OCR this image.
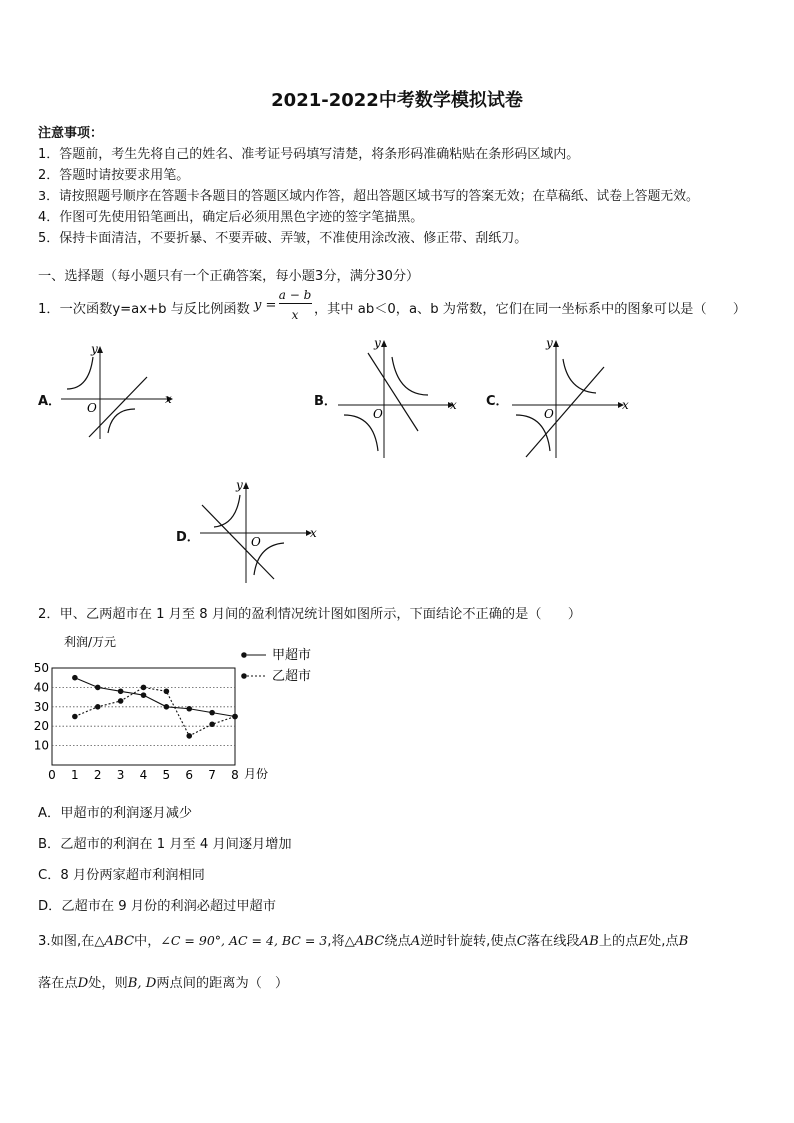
2021-2022中考数学模拟试卷
注意事项：
1．答题前，考生先将自己的姓名、准考证号码填写清楚，将条形码准确粘贴在条形码区域内。
2．答题时请按要求用笔。
3．请按照题号顺序在答题卡各题目的答题区域内作答，超出答题区域书写的答案无效；在草稿纸、试卷上答题无效。
4．作图可先使用铅笔画出，确定后必须用黑色字迹的签字笔描黑。
5．保持卡面清洁，不要折暴、不要弄破、弄皱，不准使用涂改液、修正带、刮纸刀。
一、选择题（每小题只有一个正确答案，每小题3分，满分30分）
1．一次函数y=ax+b 与反比例函数 y =
a − b
x	，其中 ab＜0，a、b 为常数，它们在同一坐标系中的图象可以是（　　）
A．	B．	C．
D．
x
y
O	x
y
O
x
y
O
x
y
O
2．甲、乙两超市在 1 月至 8 月间的盈利情况统计图如图所示，下面结论不正确的是（　　）
利润/万元
月份
10
20
30
40
50
0 1 2 3 4 5 6 7 8
甲超市
乙超市
A．甲超市的利润逐月减少
B．乙超市的利润在 1 月至 4 月间逐月增加
C．8 月份两家超市利润相同
D．乙超市在 9 月份的利润必超过甲超市
3.如图,在△ABC中，∠C = 90°, AC = 4, BC = 3,将△ABC绕点A逆时针旋转,使点C落在线段AB上的点E处,点B
落在点D处，则B, D两点间的距离为（　）
